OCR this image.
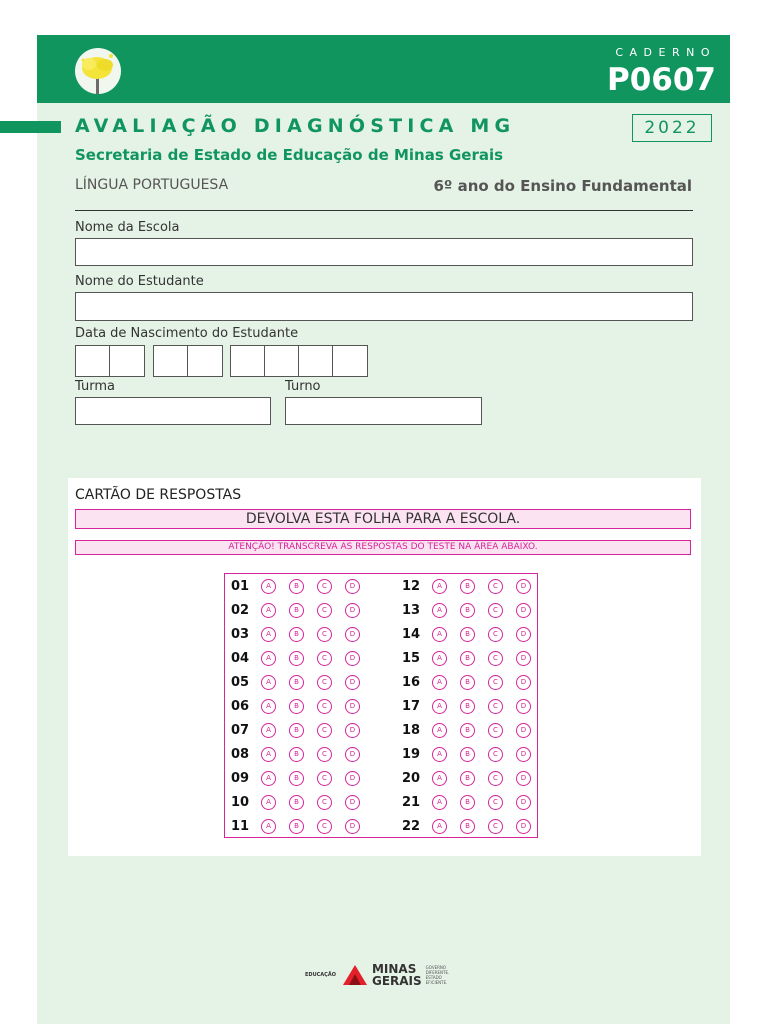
CADERNO
P0607
AVALIAÇÃO DIAGNÓSTICA MG	2022
Secretaria de Estado de Educação de Minas Gerais
LÍNGUA PORTUGUESA	6º ano do Ensino Fundamental
Nome da Escola
Nome do Estudante
Data de Nascimento do Estudante
Turma	Turno
CARTÃO DE RESPOSTAS
DEVOLVA ESTA FOLHA PARA A ESCOLA.
ATENÇÃO! TRANSCREVA AS RESPOSTAS DO TESTE NA ÁREA ABAIXO.
01	A	B	C	D
02	A	B	C	D
03	A	B	C	D
04	A	B	C	D
05	A	B	C	D
06	A	B	C	D
07	A	B	C	D
08	A	B	C	D
09	A	B	C	D
10	A	B	C	D
11	A	B	C	D
12	A	B	C	D
13	A	B	C	D
14	A	B	C	D
15	A	B	C	D
16	A	B	C	D
17	A	B	C	D
18	A	B	C	D
19	A	B	C	D
20	A	B	C	D
21	A	B	C	D
22	A	B	C	D
EDUCAÇÃO	MINAS
GERAIS
GOVERNO
DIFERENTE.
ESTADO
EFICIENTE.
